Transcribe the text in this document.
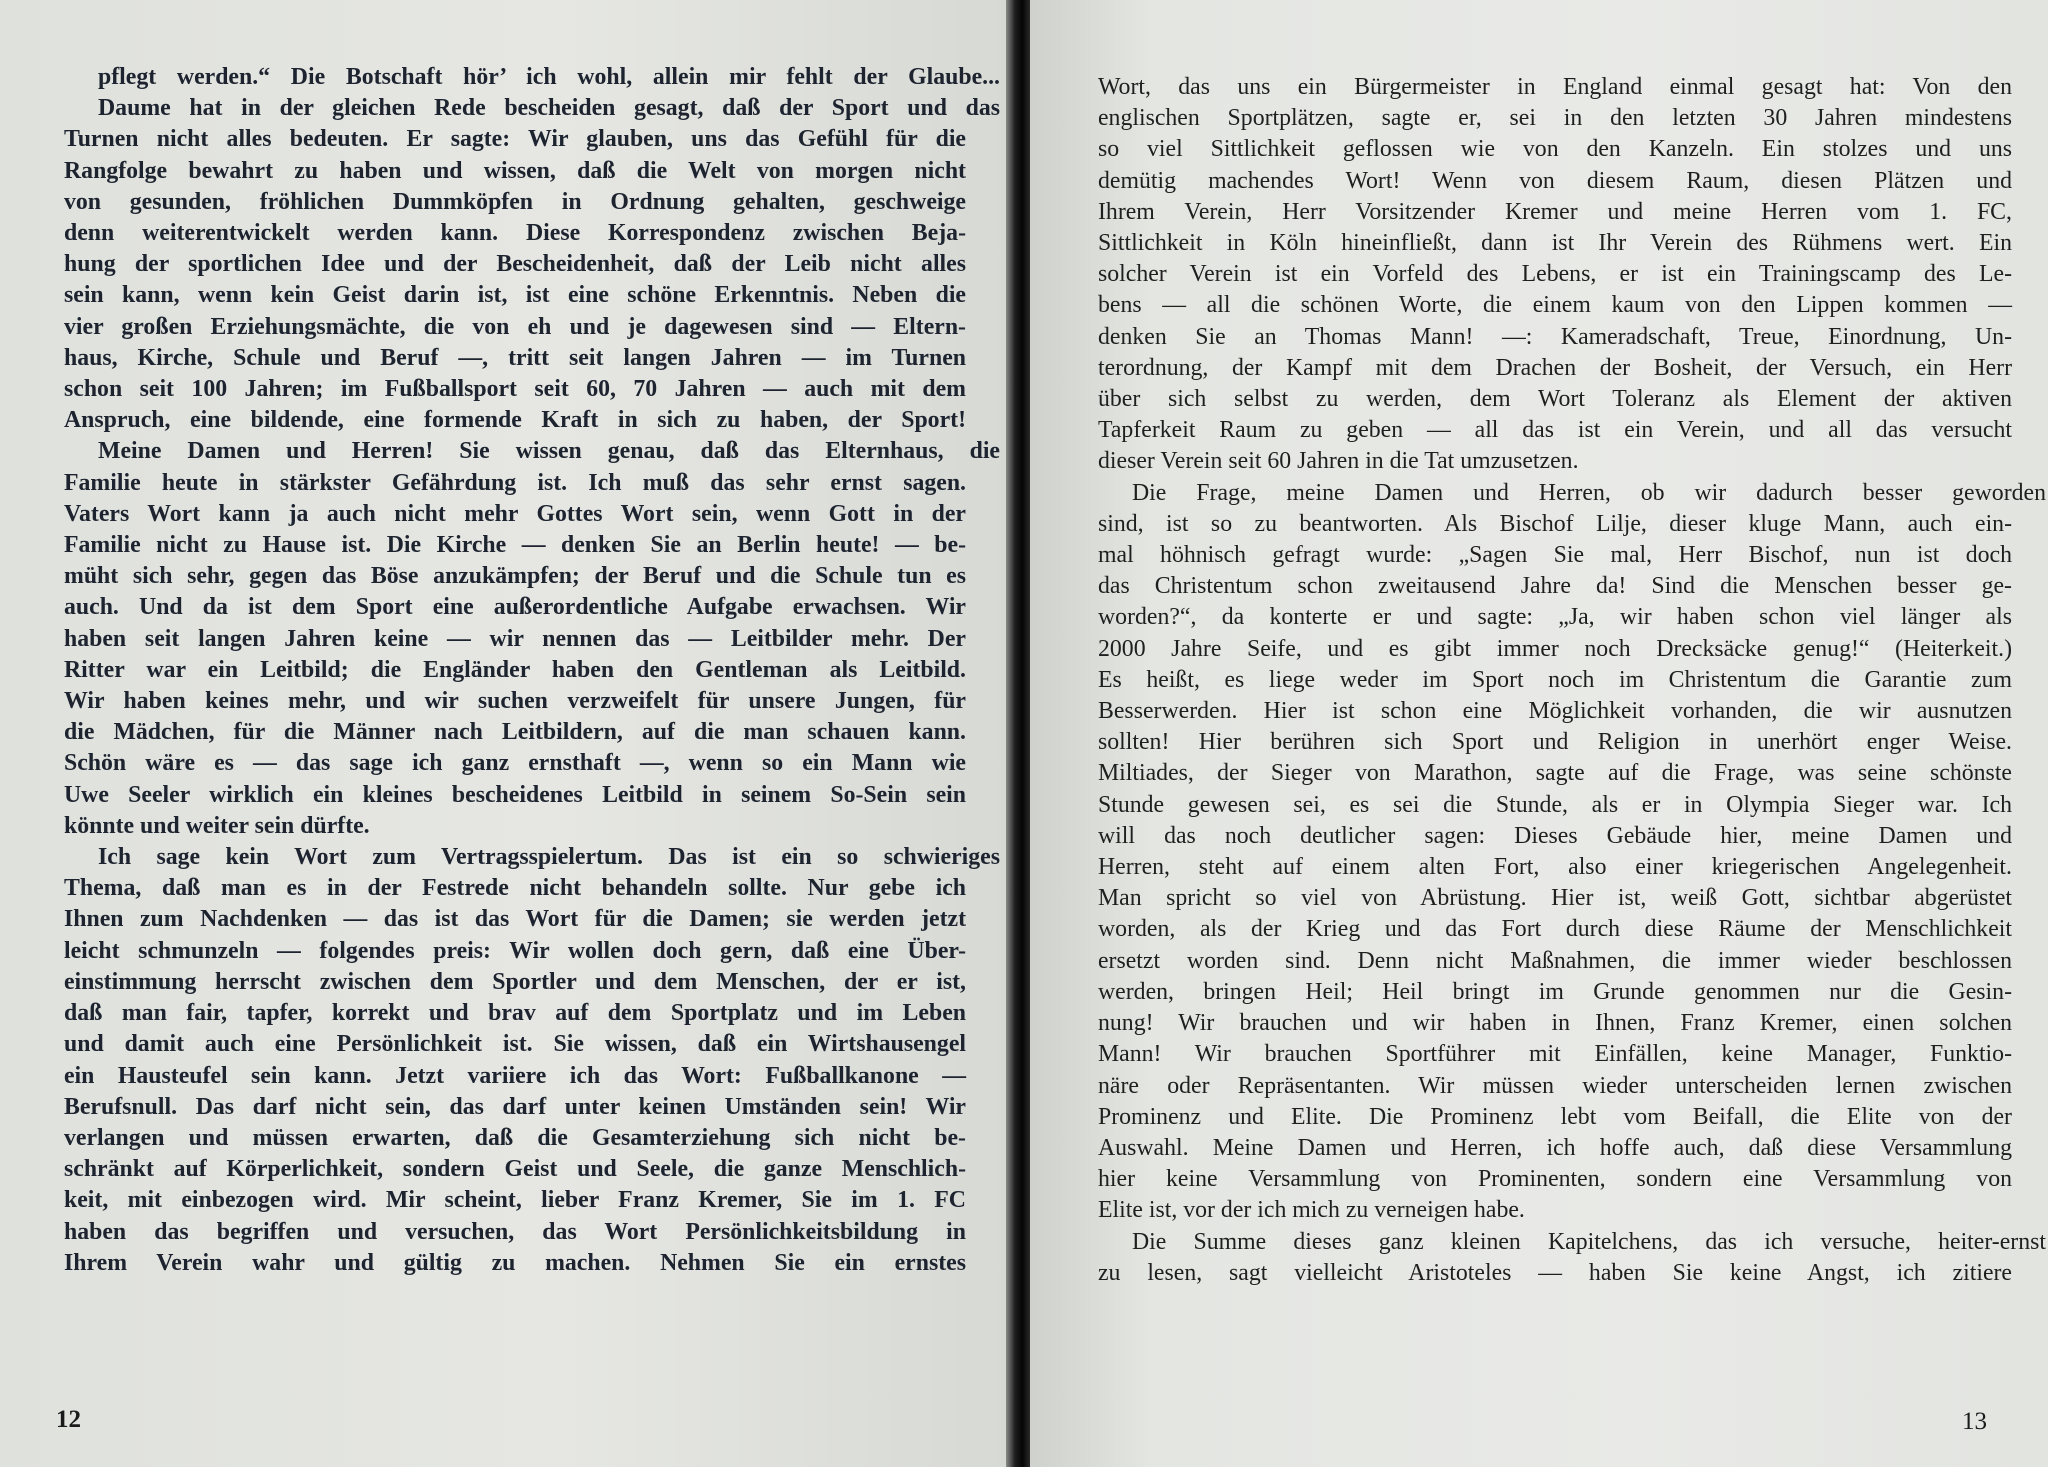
pflegt werden.“ Die Botschaft hör’ ich wohl, allein mir fehlt der Glaube...
Daume hat in der gleichen Rede bescheiden gesagt, daß der Sport und das
Turnen nicht alles bedeuten. Er sagte: Wir glauben, uns das Gefühl für die
Rangfolge bewahrt zu haben und wissen, daß die Welt von morgen nicht
von gesunden, fröhlichen Dummköpfen in Ordnung gehalten, geschweige
denn weiterentwickelt werden kann. Diese Korrespondenz zwischen Beja-
hung der sportlichen Idee und der Bescheidenheit, daß der Leib nicht alles
sein kann, wenn kein Geist darin ist, ist eine schöne Erkenntnis. Neben die
vier großen Erziehungsmächte, die von eh und je dagewesen sind — Eltern-
haus, Kirche, Schule und Beruf —, tritt seit langen Jahren — im Turnen
schon seit 100 Jahren; im Fußballsport seit 60, 70 Jahren — auch mit dem
Anspruch, eine bildende, eine formende Kraft in sich zu haben, der Sport!
Meine Damen und Herren! Sie wissen genau, daß das Elternhaus, die
Familie heute in stärkster Gefährdung ist. Ich muß das sehr ernst sagen.
Vaters Wort kann ja auch nicht mehr Gottes Wort sein, wenn Gott in der
Familie nicht zu Hause ist. Die Kirche — denken Sie an Berlin heute! — be-
müht sich sehr, gegen das Böse anzukämpfen; der Beruf und die Schule tun es
auch. Und da ist dem Sport eine außerordentliche Aufgabe erwachsen. Wir
haben seit langen Jahren keine — wir nennen das — Leitbilder mehr. Der
Ritter war ein Leitbild; die Engländer haben den Gentleman als Leitbild.
Wir haben keines mehr, und wir suchen verzweifelt für unsere Jungen, für
die Mädchen, für die Männer nach Leitbildern, auf die man schauen kann.
Schön wäre es — das sage ich ganz ernsthaft —, wenn so ein Mann wie
Uwe Seeler wirklich ein kleines bescheidenes Leitbild in seinem So-Sein sein
könnte und weiter sein dürfte.
Ich sage kein Wort zum Vertragsspielertum. Das ist ein so schwieriges
Thema, daß man es in der Festrede nicht behandeln sollte. Nur gebe ich
Ihnen zum Nachdenken — das ist das Wort für die Damen; sie werden jetzt
leicht schmunzeln — folgendes preis: Wir wollen doch gern, daß eine Über-
einstimmung herrscht zwischen dem Sportler und dem Menschen, der er ist,
daß man fair, tapfer, korrekt und brav auf dem Sportplatz und im Leben
und damit auch eine Persönlichkeit ist. Sie wissen, daß ein Wirtshausengel
ein Hausteufel sein kann. Jetzt variiere ich das Wort: Fußballkanone —
Berufsnull. Das darf nicht sein, das darf unter keinen Umständen sein! Wir
verlangen und müssen erwarten, daß die Gesamterziehung sich nicht be-
schränkt auf Körperlichkeit, sondern Geist und Seele, die ganze Menschlich-
keit, mit einbezogen wird. Mir scheint, lieber Franz Kremer, Sie im 1. FC
haben das begriffen und versuchen, das Wort Persönlichkeitsbildung in
Ihrem Verein wahr und gültig zu machen. Nehmen Sie ein ernstes
12
Wort, das uns ein Bürgermeister in England einmal gesagt hat: Von den
englischen Sportplätzen, sagte er, sei in den letzten 30 Jahren mindestens
so viel Sittlichkeit geflossen wie von den Kanzeln. Ein stolzes und uns
demütig machendes Wort! Wenn von diesem Raum, diesen Plätzen und
Ihrem Verein, Herr Vorsitzender Kremer und meine Herren vom 1. FC,
Sittlichkeit in Köln hineinfließt, dann ist Ihr Verein des Rühmens wert. Ein
solcher Verein ist ein Vorfeld des Lebens, er ist ein Trainingscamp des Le-
bens — all die schönen Worte, die einem kaum von den Lippen kommen —
denken Sie an Thomas Mann! —: Kameradschaft, Treue, Einordnung, Un-
terordnung, der Kampf mit dem Drachen der Bosheit, der Versuch, ein Herr
über sich selbst zu werden, dem Wort Toleranz als Element der aktiven
Tapferkeit Raum zu geben — all das ist ein Verein, und all das versucht
dieser Verein seit 60 Jahren in die Tat umzusetzen.
Die Frage, meine Damen und Herren, ob wir dadurch besser geworden
sind, ist so zu beantworten. Als Bischof Lilje, dieser kluge Mann, auch ein-
mal höhnisch gefragt wurde: „Sagen Sie mal, Herr Bischof, nun ist doch
das Christentum schon zweitausend Jahre da! Sind die Menschen besser ge-
worden?“, da konterte er und sagte: „Ja, wir haben schon viel länger als
2000 Jahre Seife, und es gibt immer noch Drecksäcke genug!“ (Heiterkeit.)
Es heißt, es liege weder im Sport noch im Christentum die Garantie zum
Besserwerden. Hier ist schon eine Möglichkeit vorhanden, die wir ausnutzen
sollten! Hier berühren sich Sport und Religion in unerhört enger Weise.
Miltiades, der Sieger von Marathon, sagte auf die Frage, was seine schönste
Stunde gewesen sei, es sei die Stunde, als er in Olympia Sieger war. Ich
will das noch deutlicher sagen: Dieses Gebäude hier, meine Damen und
Herren, steht auf einem alten Fort, also einer kriegerischen Angelegenheit.
Man spricht so viel von Abrüstung. Hier ist, weiß Gott, sichtbar abgerüstet
worden, als der Krieg und das Fort durch diese Räume der Menschlichkeit
ersetzt worden sind. Denn nicht Maßnahmen, die immer wieder beschlossen
werden, bringen Heil; Heil bringt im Grunde genommen nur die Gesin-
nung! Wir brauchen und wir haben in Ihnen, Franz Kremer, einen solchen
Mann! Wir brauchen Sportführer mit Einfällen, keine Manager, Funktio-
näre oder Repräsentanten. Wir müssen wieder unterscheiden lernen zwischen
Prominenz und Elite. Die Prominenz lebt vom Beifall, die Elite von der
Auswahl. Meine Damen und Herren, ich hoffe auch, daß diese Versammlung
hier keine Versammlung von Prominenten, sondern eine Versammlung von
Elite ist, vor der ich mich zu verneigen habe.
Die Summe dieses ganz kleinen Kapitelchens, das ich versuche, heiter-ernst
zu lesen, sagt vielleicht Aristoteles — haben Sie keine Angst, ich zitiere
13
